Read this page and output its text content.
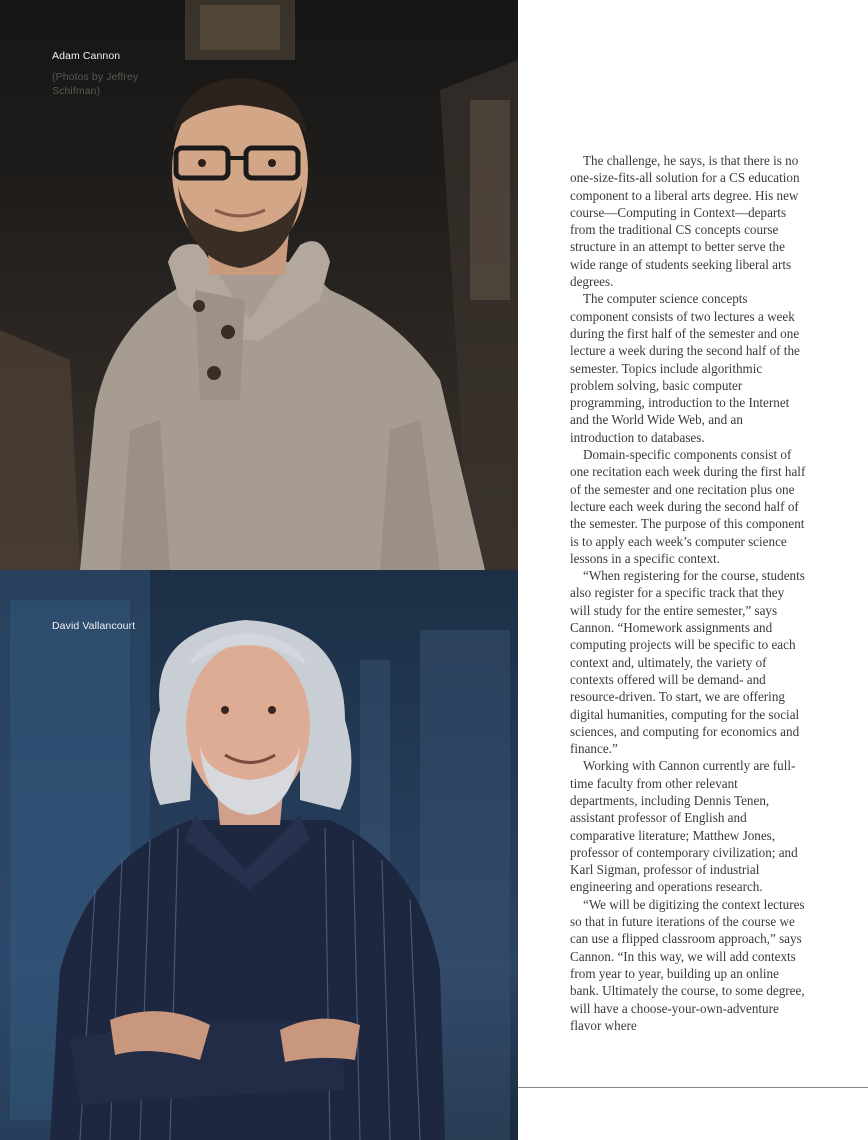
Adam Cannon
(Photos by Jeffrey Schifman)
David Vallancourt

The challenge, he says, is that there is no one-size-fits-all solution for a CS education component to a liberal arts degree. His new course—Computing in Context—departs from the traditional CS concepts course structure in an attempt to better serve the wide range of students seeking liberal arts degrees.

The computer science concepts component consists of two lectures a week during the first half of the semester and one lecture a week during the second half of the semester. Topics include algorithmic problem solving, basic computer programming, introduction to the Internet and the World Wide Web, and an introduction to databases.

Domain-specific components consist of one recitation each week during the first half of the semester and one recitation plus one lecture each week during the second half of the semester. The purpose of this component is to apply each week’s computer science lessons in a specific context.

“When registering for the course, students also register for a specific track that they will study for the entire semester,” says Cannon. “Homework assignments and computing projects will be specific to each context and, ultimately, the variety of contexts offered will be demand- and resource-driven. To start, we are offering digital humanities, computing for the social sciences, and computing for economics and finance.”

Working with Cannon currently are full-time faculty from other relevant departments, including Dennis Tenen, assistant professor of English and comparative literature; Matthew Jones, professor of contemporary civilization; and Karl Sigman, professor of industrial engineering and operations research.

“We will be digitizing the context lectures so that in future iterations of the course we can use a flipped classroom approach,” says Cannon. “In this way, we will add contexts from year to year, building up an online bank. Ultimately the course, to some degree, will have a choose-your-own-adventure flavor where
